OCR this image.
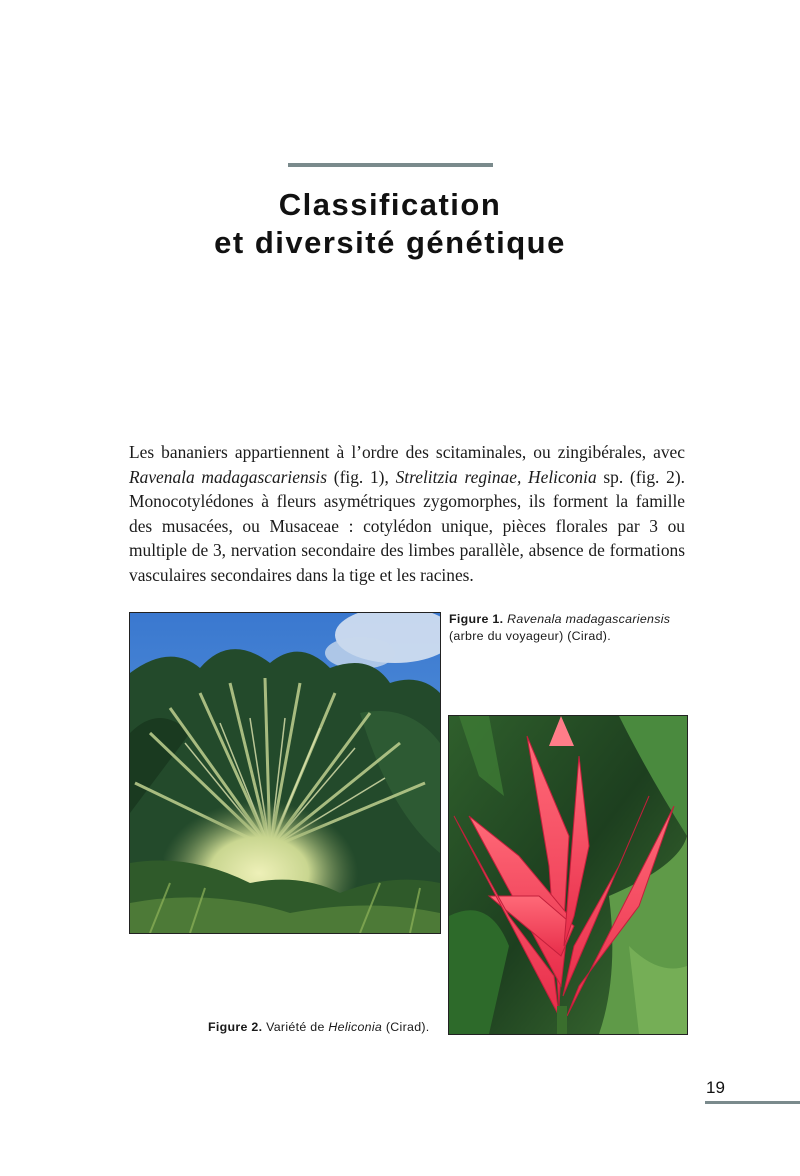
Classification
et diversité génétique

Les bananiers appartiennent à l’ordre des scitaminales, ou zingibérales, avec Ravenala madagascariensis (fig. 1), Strelitzia reginae, Heliconia sp. (fig. 2). Monocotylédones à fleurs asymétriques zygomorphes, ils forment la famille des musacées, ou Musaceae : cotylédon unique, pièces florales par 3 ou multiple de 3, nervation secondaire des limbes parallèle, absence de formations vasculaires secondaires dans la tige et les racines.

Figure 1. Ravenala madagascariensis
(arbre du voyageur) (Cirad).
Figure 2. Variété de Heliconia (Cirad).
19
